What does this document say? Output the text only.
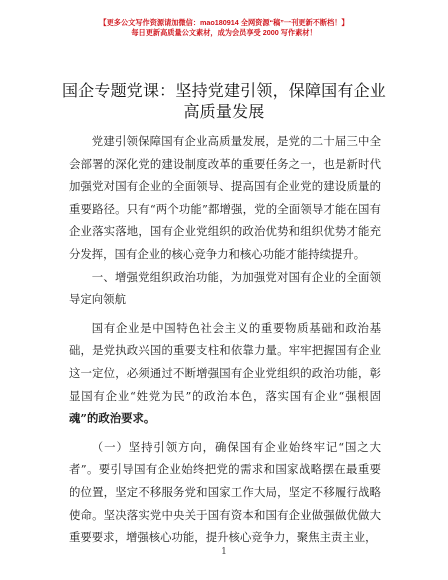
【更多公文写作资源请加微信：mao180914 全网资源“稿”一刊更新不断档！】
每日更新高质量公文素材，成为会员享受 2000 写作素材！
国企专题党课：坚持党建引领，保障国有企业
高质量发展

党建引领保障国有企业高质量发展，是党的二十届三中全会部署的深化党的建设制度改革的重要任务之一，也是新时代加强党对国有企业的全面领导、提高国有企业党的建设质量的重要路径。只有“两个功能”都增强，党的全面领导才能在国有企业落实落地，国有企业党组织的政治优势和组织优势才能充分发挥，国有企业的核心竞争力和核心功能才能持续提升。

一、增强党组织政治功能，为加强党对国有企业的全面领导定向领航

国有企业是中国特色社会主义的重要物质基础和政治基础，是党执政兴国的重要支柱和依靠力量。牢牢把握国有企业这一定位，必须通过不断增强国有企业党组织的政治功能，彰显国有企业“姓党为民”的政治本色，落实国有企业“强根固魂”的政治要求。

（一）坚持引领方向，确保国有企业始终牢记“国之大者”。要引导国有企业始终把党的需求和国家战略摆在最重要的位置，坚定不移服务党和国家工作大局，坚定不移履行战略使命。坚决落实党中央关于国有资本和国有企业做强做优做大重要要求，增强核心功能，提升核心竞争力，聚焦主责主业，

1
